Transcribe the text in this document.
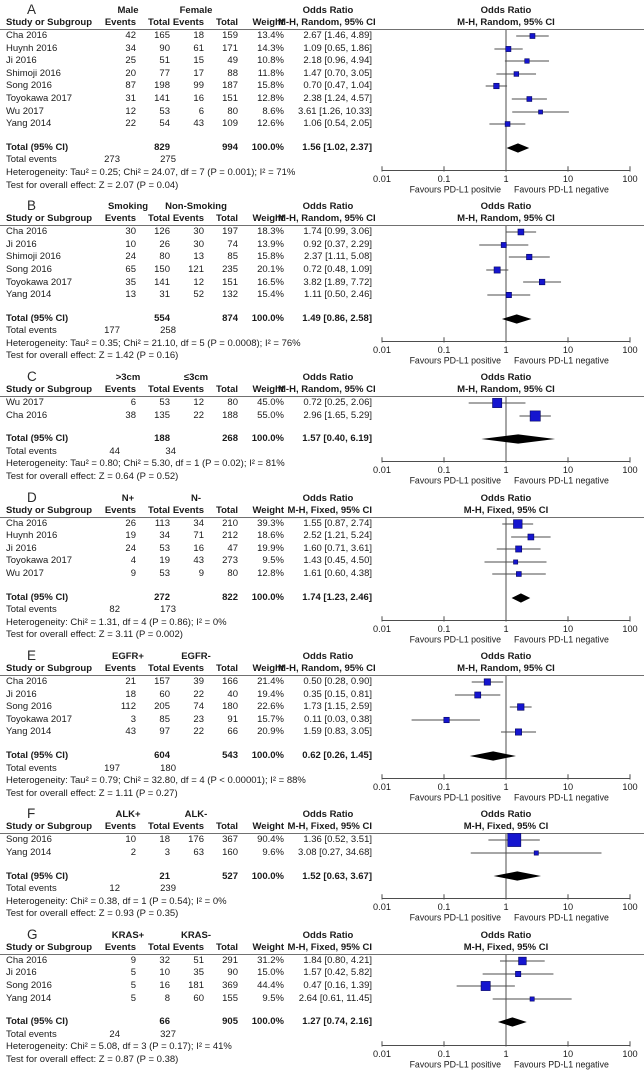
A	Male	Female	Odds Ratio	Odds Ratio
Study or Subgroup	Events	Total Events	Total	Weight
M-H, Random, 95% CI	M-H, Random, 95% CI
Cha 2016	42	165	18	159	13.4%	2.67 [1.46, 4.89]
Huynh 2016	34	90	61	171	14.3%	1.09 [0.65, 1.86]
Ji 2016	25	51	15	49	10.8%	2.18 [0.96, 4.94]
Shimoji 2016	20	77	17	88	11.8%	1.47 [0.70, 3.05]
Song 2016	87	198	99	187	15.8%	0.70 [0.47, 1.04]
Toyokawa 2017	31	141	16	151	12.8%	2.38 [1.24, 4.57]
Wu 2017	12	53	6	80	8.6%	3.61 [1.26, 10.33]
Yang 2014	22	54	43	109	12.6%	1.06 [0.54, 2.05]
Total (95% CI)	829	994	100.0%	1.56 [1.02, 2.37]
Total events	273	275
Heterogeneity: Tau² = 0.25; Chi² = 24.07, df = 7 (P = 0.001); I² = 71%
Test for overall effect: Z = 2.07 (P = 0.04)
0.01	0.1	1	10	100
Favours PD-L1 positvie Favours PD-L1 negative
B	Smoking	Non-Smoking	Odds Ratio	Odds Ratio
Study or Subgroup	Events	Total Events	Total	Weight
M-H, Random, 95% CI	M-H, Random, 95% CI
Cha 2016	30	126	30	197	18.3%	1.74 [0.99, 3.06]
Ji 2016	10	26	30	74	13.9%	0.92 [0.37, 2.29]
Shimoji 2016	24	80	13	85	15.8%	2.37 [1.11, 5.08]
Song 2016	65	150	121	235	20.1%	0.72 [0.48, 1.09]
Toyokawa 2017	35	141	12	151	16.5%	3.82 [1.89, 7.72]
Yang 2014	13	31	52	132	15.4%	1.11 [0.50, 2.46]
Total (95% CI)	554	874	100.0%	1.49 [0.86, 2.58]
Total events	177	258
Heterogeneity: Tau² = 0.35; Chi² = 21.10, df = 5 (P = 0.0008); I² = 76%
Test for overall effect: Z = 1.42 (P = 0.16)
0.01	0.1	1	10	100
Favours PD-L1 positive Favours PD-L1 negative
C	>3cm	≤3cm	Odds Ratio	Odds Ratio
Study or Subgroup	Events	Total Events	Total	Weight
M-H, Random, 95% CI	M-H, Random, 95% CI
Wu 2017	6	53	12	80	45.0%	0.72 [0.25, 2.06]
Cha 2016	38	135	22	188	55.0%	2.96 [1.65, 5.29]
Total (95% CI)	188	268	100.0%	1.57 [0.40, 6.19]
Total events	44	34
Heterogeneity: Tau² = 0.80; Chi² = 5.30, df = 1 (P = 0.02); I² = 81%
Test for overall effect: Z = 0.64 (P = 0.52)
0.01	0.1	1	10	100
Favours PD-L1 positive Favours PD-L1 negative
D	N+	N-	Odds Ratio	Odds Ratio
Study or Subgroup	Events	Total Events	Total	Weight M-H, Fixed, 95% CI	M-H, Fixed, 95% CI
Cha 2016	26	113	34	210	39.3%	1.55 [0.87, 2.74]
Huynh 2016	19	34	71	212	18.6%	2.52 [1.21, 5.24]
Ji 2016	24	53	16	47	19.9%	1.60 [0.71, 3.61]
Toyokawa 2017	4	19	43	273	9.5%	1.43 [0.45, 4.50]
Wu 2017	9	53	9	80	12.8%	1.61 [0.60, 4.38]
Total (95% CI)	272	822	100.0%	1.74 [1.23, 2.46]
Total events	82	173
Heterogeneity: Chi² = 1.31, df = 4 (P = 0.86); I² = 0%
Test for overall effect: Z = 3.11 (P = 0.002)
0.01	0.1	1	10	100
Favours PD-L1 positive Favours PD-L1 negative
E	EGFR+	EGFR-	Odds Ratio	Odds Ratio
Study or Subgroup	Events	Total Events	Total	Weight
M-H, Random, 95% CI	M-H, Random, 95% CI
Cha 2016	21	157	39	166	21.4%	0.50 [0.28, 0.90]
Ji 2016	18	60	22	40	19.4%	0.35 [0.15, 0.81]
Song 2016	112	205	74	180	22.6%	1.73 [1.15, 2.59]
Toyokawa 2017	3	85	23	91	15.7%	0.11 [0.03, 0.38]
Yang 2014	43	97	22	66	20.9%	1.59 [0.83, 3.05]
Total (95% CI)	604	543	100.0%	0.62 [0.26, 1.45]
Total events	197	180
Heterogeneity: Tau² = 0.79; Chi² = 32.80, df = 4 (P < 0.00001); I² = 88%
Test for overall effect: Z = 1.11 (P = 0.27)
0.01	0.1	1	10	100
Favours PD-L1 positive Favours PD-L1 negative
F	ALK+	ALK-	Odds Ratio	Odds Ratio
Study or Subgroup	Events	Total Events	Total	Weight M-H, Fixed, 95% CI	M-H, Fixed, 95% CI
Song 2016	10	18	176	367	90.4%	1.36 [0.52, 3.51]
Yang 2014	2	3	63	160	9.6%	3.08 [0.27, 34.68]
Total (95% CI)	21	527	100.0%	1.52 [0.63, 3.67]
Total events	12	239
Heterogeneity: Chi² = 0.38, df = 1 (P = 0.54); I² = 0%
Test for overall effect: Z = 0.93 (P = 0.35)
0.01	0.1	1	10	100
Favours PD-L1 positive Favours PD-L1 negative
G	KRAS+	KRAS-	Odds Ratio	Odds Ratio
Study or Subgroup	Events	Total Events	Total	Weight M-H, Fixed, 95% CI	M-H, Fixed, 95% CI
Cha 2016	9	32	51	291	31.2%	1.84 [0.80, 4.21]
Ji 2016	5	10	35	90	15.0%	1.57 [0.42, 5.82]
Song 2016	5	16	181	369	44.4%	0.47 [0.16, 1.39]
Yang 2014	5	8	60	155	9.5%	2.64 [0.61, 11.45]
Total (95% CI)	66	905	100.0%	1.27 [0.74, 2.16]
Total events	24	327
Heterogeneity: Chi² = 5.08, df = 3 (P = 0.17); I² = 41%
Test for overall effect: Z = 0.87 (P = 0.38)
0.01	0.1	1	10	100
Favours PD-L1 positive Favours PD-L1 negative
